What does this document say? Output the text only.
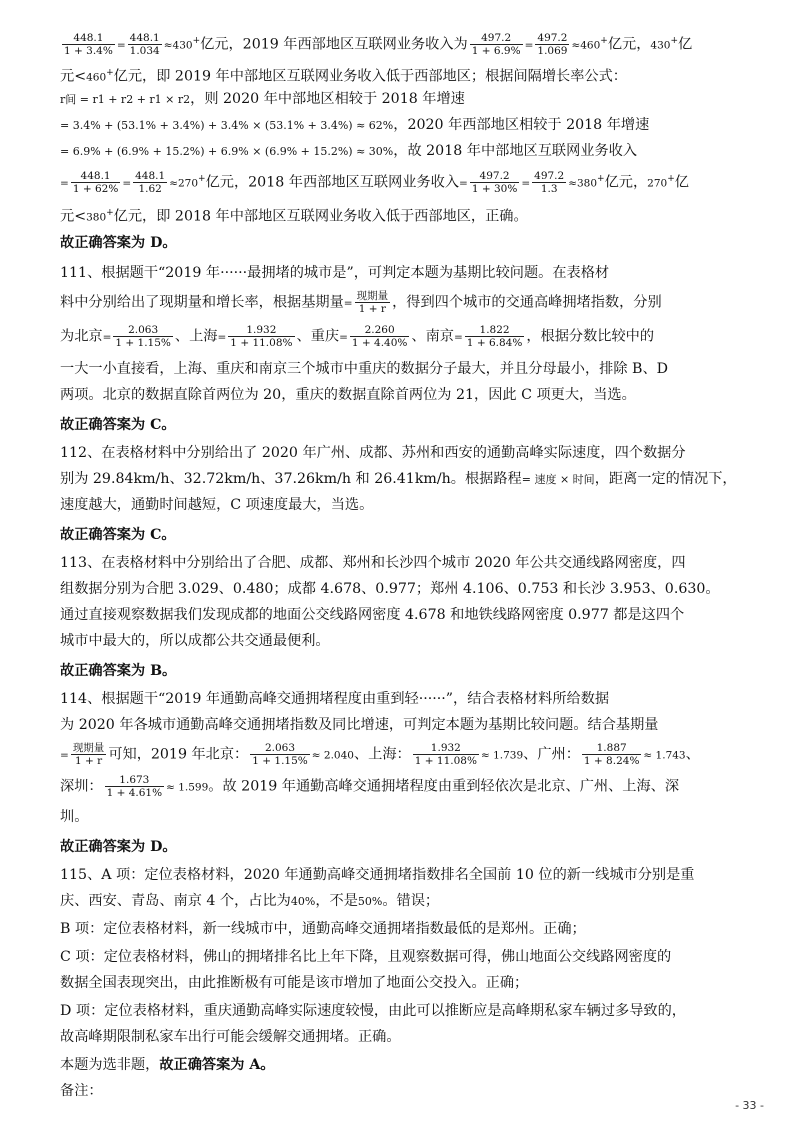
$\frac{448.1}{1 + 3.4\%} = \frac{448.1}{1.034} \approx 430^+$亿元，2019 年西部地区互联网业务收入为 $\frac{497.2}{1 + 6.9\%} = \frac{497.2}{1.069} \approx 460^+$亿元，430+亿
元<460+亿元，即 2019 年中部地区互联网业务收入低于西部地区；根据间隔增长率公式：
r间 = r1 + r2 + r1 × r2，则 2020 年中部地区相较于 2018 年增速
= 3.4% + (53.1% + 3.4%) + 3.4% × (53.1% + 3.4%) ≈ 62%，2020 年西部地区相较于 2018 年增速
= 6.9% + (6.9% + 15.2%) + 6.9% × (6.9% + 15.2%) ≈ 30%，故 2018 年中部地区互联网业务收入
= $\frac{448.1}{1 + 62\%} = \frac{448.1}{1.62} \approx 270^+$亿元，2018 年西部地区互联网业务收入= $\frac{497.2}{1 + 30\%} = \frac{497.2}{1.3} \approx 380^+$亿元，270+亿
元<380+亿元，即 2018 年中部地区互联网业务收入低于西部地区，正确。
故正确答案为 D。
111、根据题干“2019 年······最拥堵的城市是”，可判定本题为基期比较问题。在表格材
料中分别给出了现期量和增长率，根据基期量= $\frac{\text{现期量}}{1 + r}$ ，得到四个城市的交通高峰拥堵指数，分别
为北京= $\frac{2.063}{1 + 1.15\%}$ 、上海= $\frac{1.932}{1 + 11.08\%}$ 、重庆= $\frac{2.260}{1 + 4.40\%}$ 、南京= $\frac{1.822}{1 + 6.84\%}$ ，根据分数比较中的
一大一小直接看，上海、重庆和南京三个城市中重庆的数据分子最大，并且分母最小，排除 B、D
两项。北京的数据直除首两位为 20，重庆的数据直除首两位为 21，因此 C 项更大，当选。
故正确答案为 C。
112、在表格材料中分别给出了 2020 年广州、成都、苏州和西安的通勤高峰实际速度，四个数据分
别为 29.84km/h、32.72km/h、37.26km/h 和 26.41km/h。根据路程= 速度 × 时间，距离一定的情况下，
速度越大，通勤时间越短，C 项速度最大，当选。
故正确答案为 C。
113、在表格材料中分别给出了合肥、成都、郑州和长沙四个城市 2020 年公共交通线路网密度，四
组数据分别为合肥 3.029、0.480；成都 4.678、0.977；郑州 4.106、0.753 和长沙 3.953、0.630。
通过直接观察数据我们发现成都的地面公交线路网密度 4.678 和地铁线路网密度 0.977 都是这四个
城市中最大的，所以成都公共交通最便利。
故正确答案为 B。
114、根据题干“2019 年通勤高峰交通拥堵程度由重到轻······”，结合表格材料所给数据
为 2020 年各城市通勤高峰交通拥堵指数及同比增速，可判定本题为基期比较问题。结合基期量
= $\frac{\text{现期量}}{1 + r}$ 可知，2019 年北京： $\frac{2.063}{1 + 1.15\%} \approx 2.040$、上海： $\frac{1.932}{1 + 11.08\%} \approx 1.739$、广州： $\frac{1.887}{1 + 8.24\%} \approx 1.743$、
深圳： $\frac{1.673}{1 + 4.61\%} \approx 1.599$。故 2019 年通勤高峰交通拥堵程度由重到轻依次是北京、广州、上海、深
圳。
故正确答案为 D。
115、A 项：定位表格材料，2020 年通勤高峰交通拥堵指数排名全国前 10 位的新一线城市分别是重
庆、西安、青岛、南京 4 个，占比为40%，不是50%。错误；
B 项：定位表格材料，新一线城市中，通勤高峰交通拥堵指数最低的是郑州。正确；
C 项：定位表格材料，佛山的拥堵排名比上年下降，且观察数据可得，佛山地面公交线路网密度的
数据全国表现突出，由此推断极有可能是该市增加了地面公交投入。正确；
D 项：定位表格材料，重庆通勤高峰实际速度较慢，由此可以推断应是高峰期私家车辆过多导致的，
故高峰期限制私家车出行可能会缓解交通拥堵。正确。
本题为选非题，故正确答案为 A。
备注：
- 33 -
